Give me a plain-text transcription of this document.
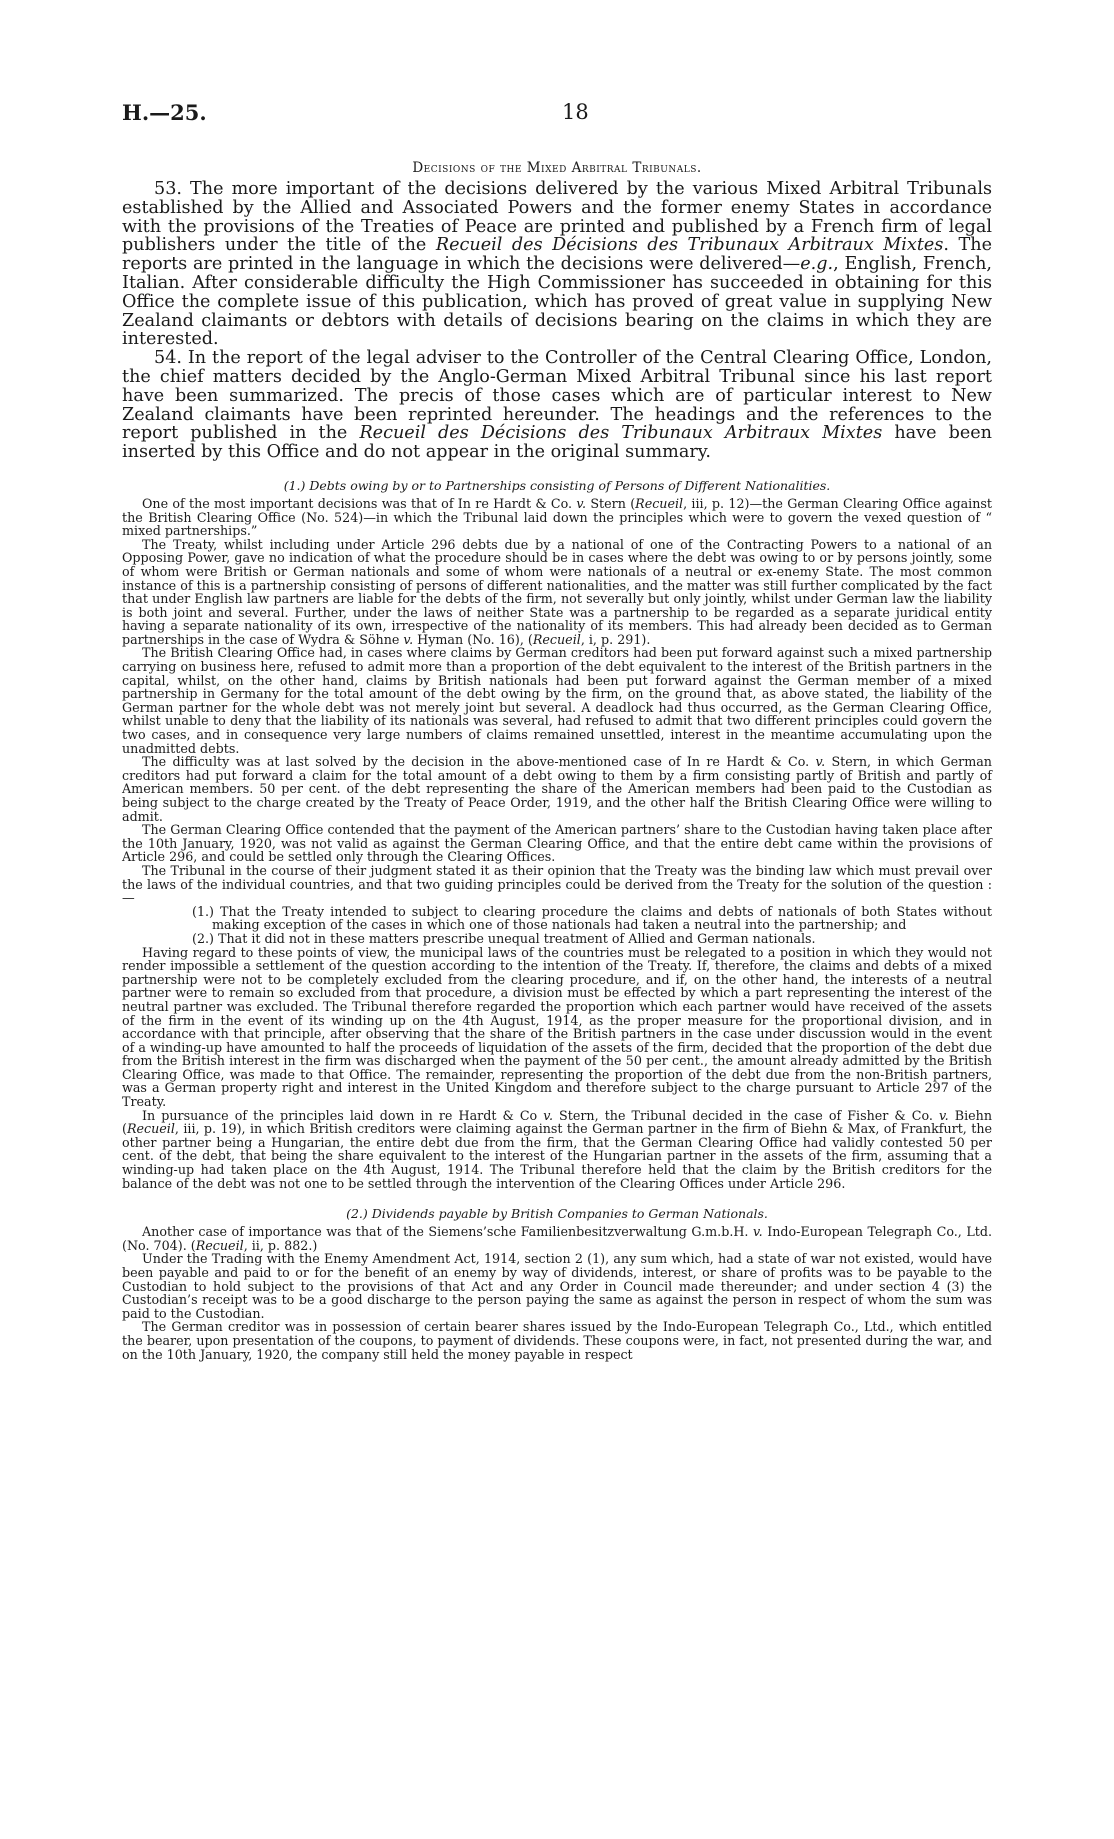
H.—25.	18
Decisions of the Mixed Arbitral Tribunals.

53. The more important of the decisions delivered by the various Mixed Arbitral Tribunals established by the Allied and Associated Powers and the former enemy States in accordance with the provisions of the Treaties of Peace are printed and published by a French firm of legal publishers under the title of the Recueil des Décisions des Tribunaux Arbitraux Mixtes. The reports are printed in the language in which the decisions were delivered—e.g., English, French, Italian. After considerable difficulty the High Commissioner has succeeded in obtaining for this Office the complete issue of this publication, which has proved of great value in supplying New Zealand claimants or debtors with details of decisions bearing on the claims in which they are interested.

54. In the report of the legal adviser to the Controller of the Central Clearing Office, London, the chief matters decided by the Anglo-German Mixed Arbitral Tribunal since his last report have been summarized. The precis of those cases which are of particular interest to New Zealand claimants have been reprinted hereunder. The headings and the references to the report published in the Recueil des Décisions des Tribunaux Arbitraux Mixtes have been inserted by this Office and do not appear in the original summary.

(1.) Debts owing by or to Partnerships consisting of Persons of Different Nationalities.

One of the most important decisions was that of In re Hardt & Co. v. Stern (Recueil, iii, p. 12)—the German Clearing Office against the British Clearing Office (No. 524)—in which the Tribunal laid down the principles which were to govern the vexed question of “ mixed partnerships.”

The Treaty, whilst including under Article 296 debts due by a national of one of the Contracting Powers to a national of an Opposing Power, gave no indication of what the procedure should be in cases where the debt was owing to or by persons jointly, some of whom were British or German nationals and some of whom were nationals of a neutral or ex-enemy State. The most common instance of this is a partnership consisting of persons of different nationalities, and the matter was still further complicated by the fact that under English law partners are liable for the debts of the firm, not severally but only jointly, whilst under German law the liability is both joint and several. Further, under the laws of neither State was a partnership to be regarded as a separate juridical entity having a separate nationality of its own, irrespective of the nationality of its members. This had already been decided as to German partnerships in the case of Wydra & Söhne v. Hyman (No. 16), (Recueil, i, p. 291).

The British Clearing Office had, in cases where claims by German creditors had been put forward against such a mixed partnership carrying on business here, refused to admit more than a proportion of the debt equivalent to the interest of the British partners in the capital, whilst, on the other hand, claims by British nationals had been put forward against the German member of a mixed partnership in Germany for the total amount of the debt owing by the firm, on the ground that, as above stated, the liability of the German partner for the whole debt was not merely joint but several. A deadlock had thus occurred, as the German Clearing Office, whilst unable to deny that the liability of its nationals was several, had refused to admit that two different principles could govern the two cases, and in consequence very large numbers of claims remained unsettled, interest in the meantime accumulating upon the unadmitted debts.

The difficulty was at last solved by the decision in the above-mentioned case of In re Hardt & Co. v. Stern, in which German creditors had put forward a claim for the total amount of a debt owing to them by a firm consisting partly of British and partly of American members. 50 per cent. of the debt representing the share of the American members had been paid to the Custodian as being subject to the charge created by the Treaty of Peace Order, 1919, and the other half the British Clearing Office were willing to admit.

The German Clearing Office contended that the payment of the American partners’ share to the Custodian having taken place after the 10th January, 1920, was not valid as against the German Clearing Office, and that the entire debt came within the provisions of Article 296, and could be settled only through the Clearing Offices.

The Tribunal in the course of their judgment stated it as their opinion that the Treaty was the binding law which must prevail over the laws of the individual countries, and that two guiding principles could be derived from the Treaty for the solution of the question :—

(1.) That the Treaty intended to subject to clearing procedure the claims and debts of nationals of both States without making exception of the cases in which one of those nationals had taken a neutral into the partnership; and

(2.) That it did not in these matters prescribe unequal treatment of Allied and German nationals.

Having regard to these points of view, the municipal laws of the countries must be relegated to a position in which they would not render impossible a settlement of the question according to the intention of the Treaty. If, therefore, the claims and debts of a mixed partnership were not to be completely excluded from the clearing procedure, and if, on the other hand, the interests of a neutral partner were to remain so excluded from that procedure, a division must be effected by which a part representing the interest of the neutral partner was excluded. The Tribunal therefore regarded the proportion which each partner would have received of the assets of the firm in the event of its winding up on the 4th August, 1914, as the proper measure for the proportional division, and in accordance with that principle, after observing that the share of the British partners in the case under discussion would in the event of a winding-up have amounted to half the proceeds of liquidation of the assets of the firm, decided that the proportion of the debt due from the British interest in the firm was discharged when the payment of the 50 per cent., the amount already admitted by the British Clearing Office, was made to that Office. The remainder, representing the proportion of the debt due from the non-British partners, was a German property right and interest in the United Kingdom and therefore subject to the charge pursuant to Article 297 of the Treaty.

In pursuance of the principles laid down in re Hardt & Co v. Stern, the Tribunal decided in the case of Fisher & Co. v. Biehn (Recueil, iii, p. 19), in which British creditors were claiming against the German partner in the firm of Biehn & Max, of Frankfurt, the other partner being a Hungarian, the entire debt due from the firm, that the German Clearing Office had validly contested 50 per cent. of the debt, that being the share equivalent to the interest of the Hungarian partner in the assets of the firm, assuming that a winding-up had taken place on the 4th August, 1914. The Tribunal therefore held that the claim by the British creditors for the balance of the debt was not one to be settled through the intervention of the Clearing Offices under Article 296.

(2.) Dividends payable by British Companies to German Nationals.

Another case of importance was that of the Siemens’sche Familienbesitzverwaltung G.m.b.H. v. Indo-European Telegraph Co., Ltd. (No. 704). (Recueil, ii, p. 882.)

Under the Trading with the Enemy Amendment Act, 1914, section 2 (1), any sum which, had a state of war not existed, would have been payable and paid to or for the benefit of an enemy by way of dividends, interest, or share of profits was to be payable to the Custodian to hold subject to the provisions of that Act and any Order in Council made thereunder; and under section 4 (3) the Custodian’s receipt was to be a good discharge to the person paying the same as against the person in respect of whom the sum was paid to the Custodian.

The German creditor was in possession of certain bearer shares issued by the Indo-European Telegraph Co., Ltd., which entitled the bearer, upon presentation of the coupons, to payment of dividends. These coupons were, in fact, not presented during the war, and on the 10th January, 1920, the company still held the money payable in respect
